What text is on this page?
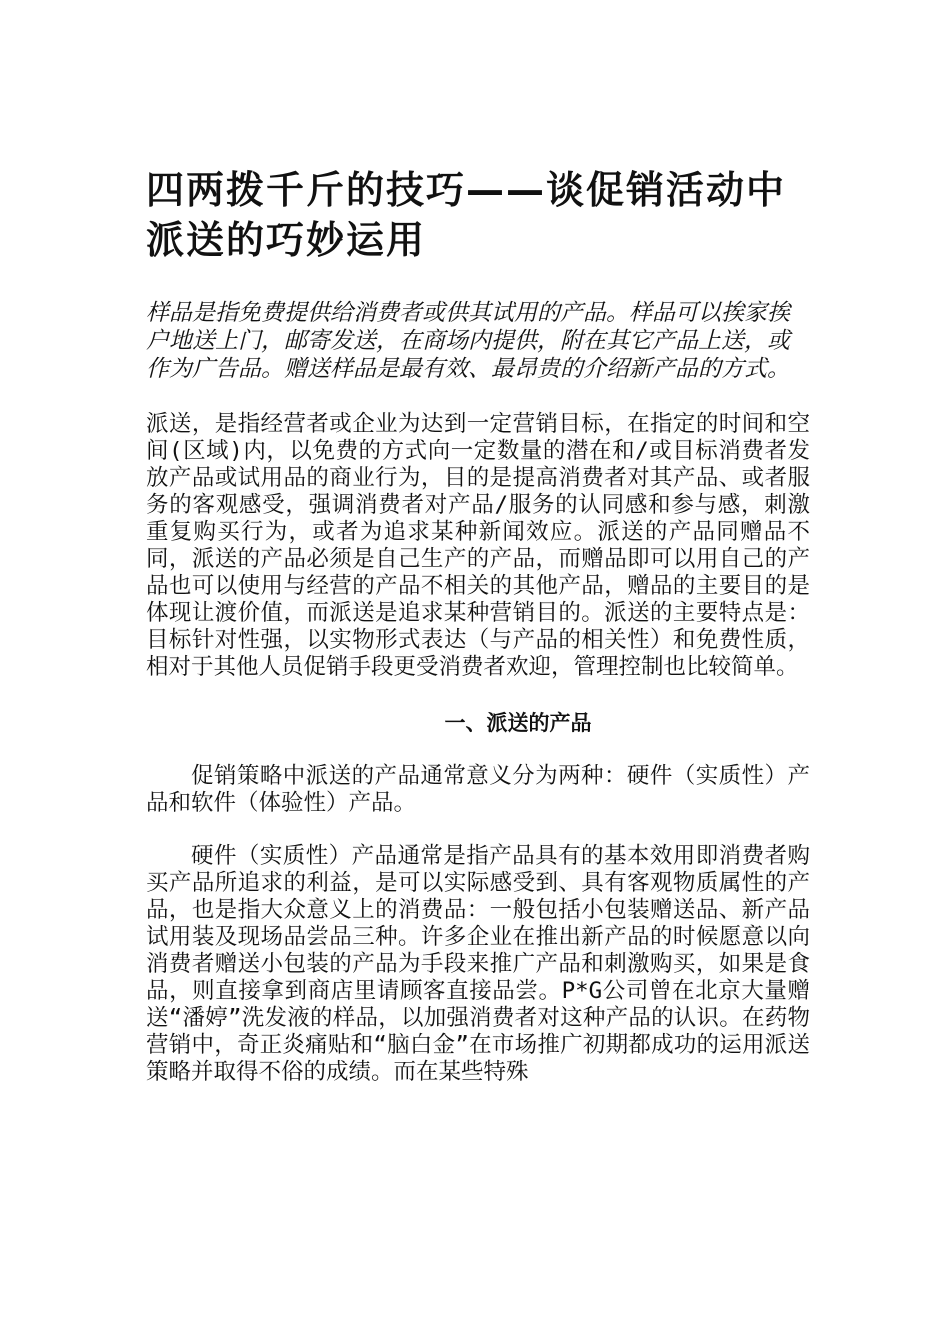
四两拨千斤的技巧——谈促销活动中派送的巧妙运用

样品是指免费提供给消费者或供其试用的产品。样品可以挨家挨户地送上门，邮寄发送，在商场内提供，附在其它产品上送，或作为广告品。赠送样品是最有效、最昂贵的介绍新产品的方式。

派送，是指经营者或企业为达到一定营销目标，在指定的时间和空间(区域)内，以免费的方式向一定数量的潜在和/或目标消费者发放产品或试用品的商业行为，目的是提高消费者对其产品、或者服务的客观感受，强调消费者对产品/服务的认同感和参与感，刺激重复购买行为，或者为追求某种新闻效应。派送的产品同赠品不同，派送的产品必须是自己生产的产品，而赠品即可以用自己的产品也可以使用与经营的产品不相关的其他产品，赠品的主要目的是体现让渡价值，而派送是追求某种营销目的。派送的主要特点是：目标针对性强，以实物形式表达（与产品的相关性）和免费性质，相对于其他人员促销手段更受消费者欢迎，管理控制也比较简单。

一、派送的产品

促销策略中派送的产品通常意义分为两种：硬件（实质性）产品和软件（体验性）产品。

硬件（实质性）产品通常是指产品具有的基本效用即消费者购买产品所追求的利益，是可以实际感受到、具有客观物质属性的产品，也是指大众意义上的消费品：一般包括小包装赠送品、新产品试用装及现场品尝品三种。许多企业在推出新产品的时候愿意以向消费者赠送小包装的产品为手段来推广产品和刺激购买，如果是食品，则直接拿到商店里请顾客直接品尝。P*G公司曾在北京大量赠送“潘婷”洗发液的样品，以加强消费者对这种产品的认识。在药物营销中，奇正炎痛贴和“脑白金”在市场推广初期都成功的运用派送策略并取得不俗的成绩。而在某些特殊
